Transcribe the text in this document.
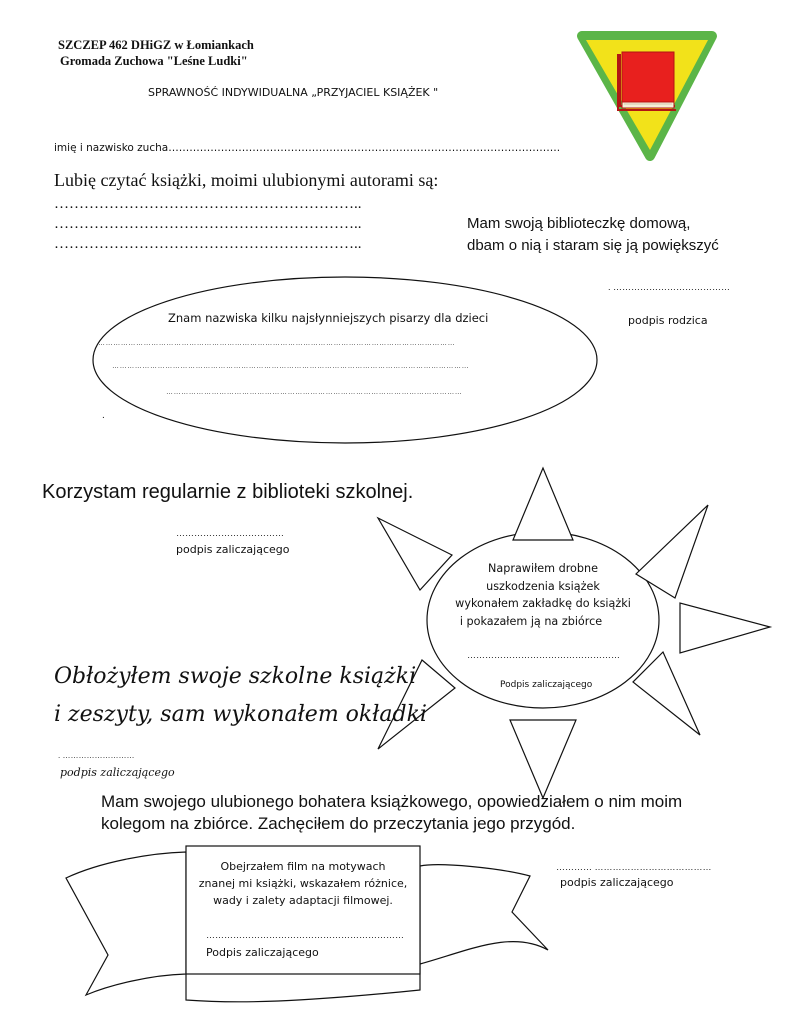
SZCZEP 462 DHiGZ w Łomiankach
Gromada Zuchowa "Leśne Ludki"
SPRAWNOŚĆ INDYWIDUALNA „PRZYJACIEL KSIĄŻEK "
imię i nazwisko zucha………………………………………………………………………………………………….
Lubię czytać książki, moimi ulubionymi autorami są:
……………………………………………………..
……………………………………………………..
……………………………………………………..
Mam swoją biblioteczkę domową,
dbam o nią i staram się ją powiększyć
. …………………………………
podpis rodzica
Znam nazwiska kilku najsłynniejszych pisarzy dla dzieci
……………………………………………………………………………………………………………………………
……………………………………………………………………………………………………………………………
………………………………………………………………………………………………………
.
Korzystam regularnie z biblioteki szkolnej.
………………………………
podpis zaliczającego
Naprawiłem drobne
uszkodzenia książek
wykonałem zakładkę do książki
i pokazałem ją na zbiórce
……………………………………………
Podpis zaliczającego
Obłożyłem swoje szkolne książki
i zeszyty, sam wykonałem okładki
. ………………………
podpis zaliczającego
Mam swojego ulubionego bohatera książkowego, opowiedziałem o nim moim
kolegom na zbiórce. Zachęciłem do przeczytania jego przygód.
………… …………………………………
podpis zaliczającego
Obejrzałem film na motywach
znanej mi książki, wskazałem różnice,
wady i zalety adaptacji filmowej.
…………………………………………………………
Podpis zaliczającego
